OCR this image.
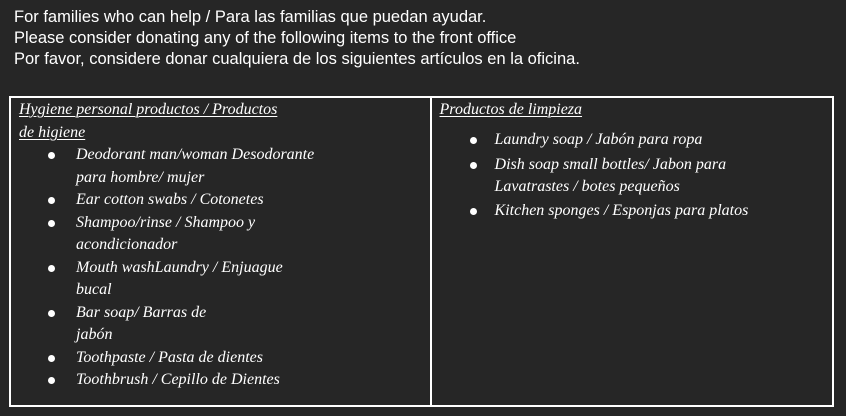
For families who can help / Para las familias que puedan ayudar.
Please consider donating any of the following items to the front office
Por favor, considere donar cualquiera de los siguientes artículos en la oficina.
Hygiene personal productos / Productos
de higiene
Deodorant man/woman Desodorante
para hombre/ mujer
Ear cotton swabs / Cotonetes
Shampoo/rinse / Shampoo y
acondicionador
Mouth washLaundry / Enjuague
bucal
Bar soap/ Barras de
jabón
Toothpaste / Pasta de dientes
Toothbrush / Cepillo de Dientes

Productos de limpieza
Laundry soap / Jabón para ropa
Dish soap small bottles/ Jabon para
Lavatrastes / botes pequeños
Kitchen sponges / Esponjas para platos
